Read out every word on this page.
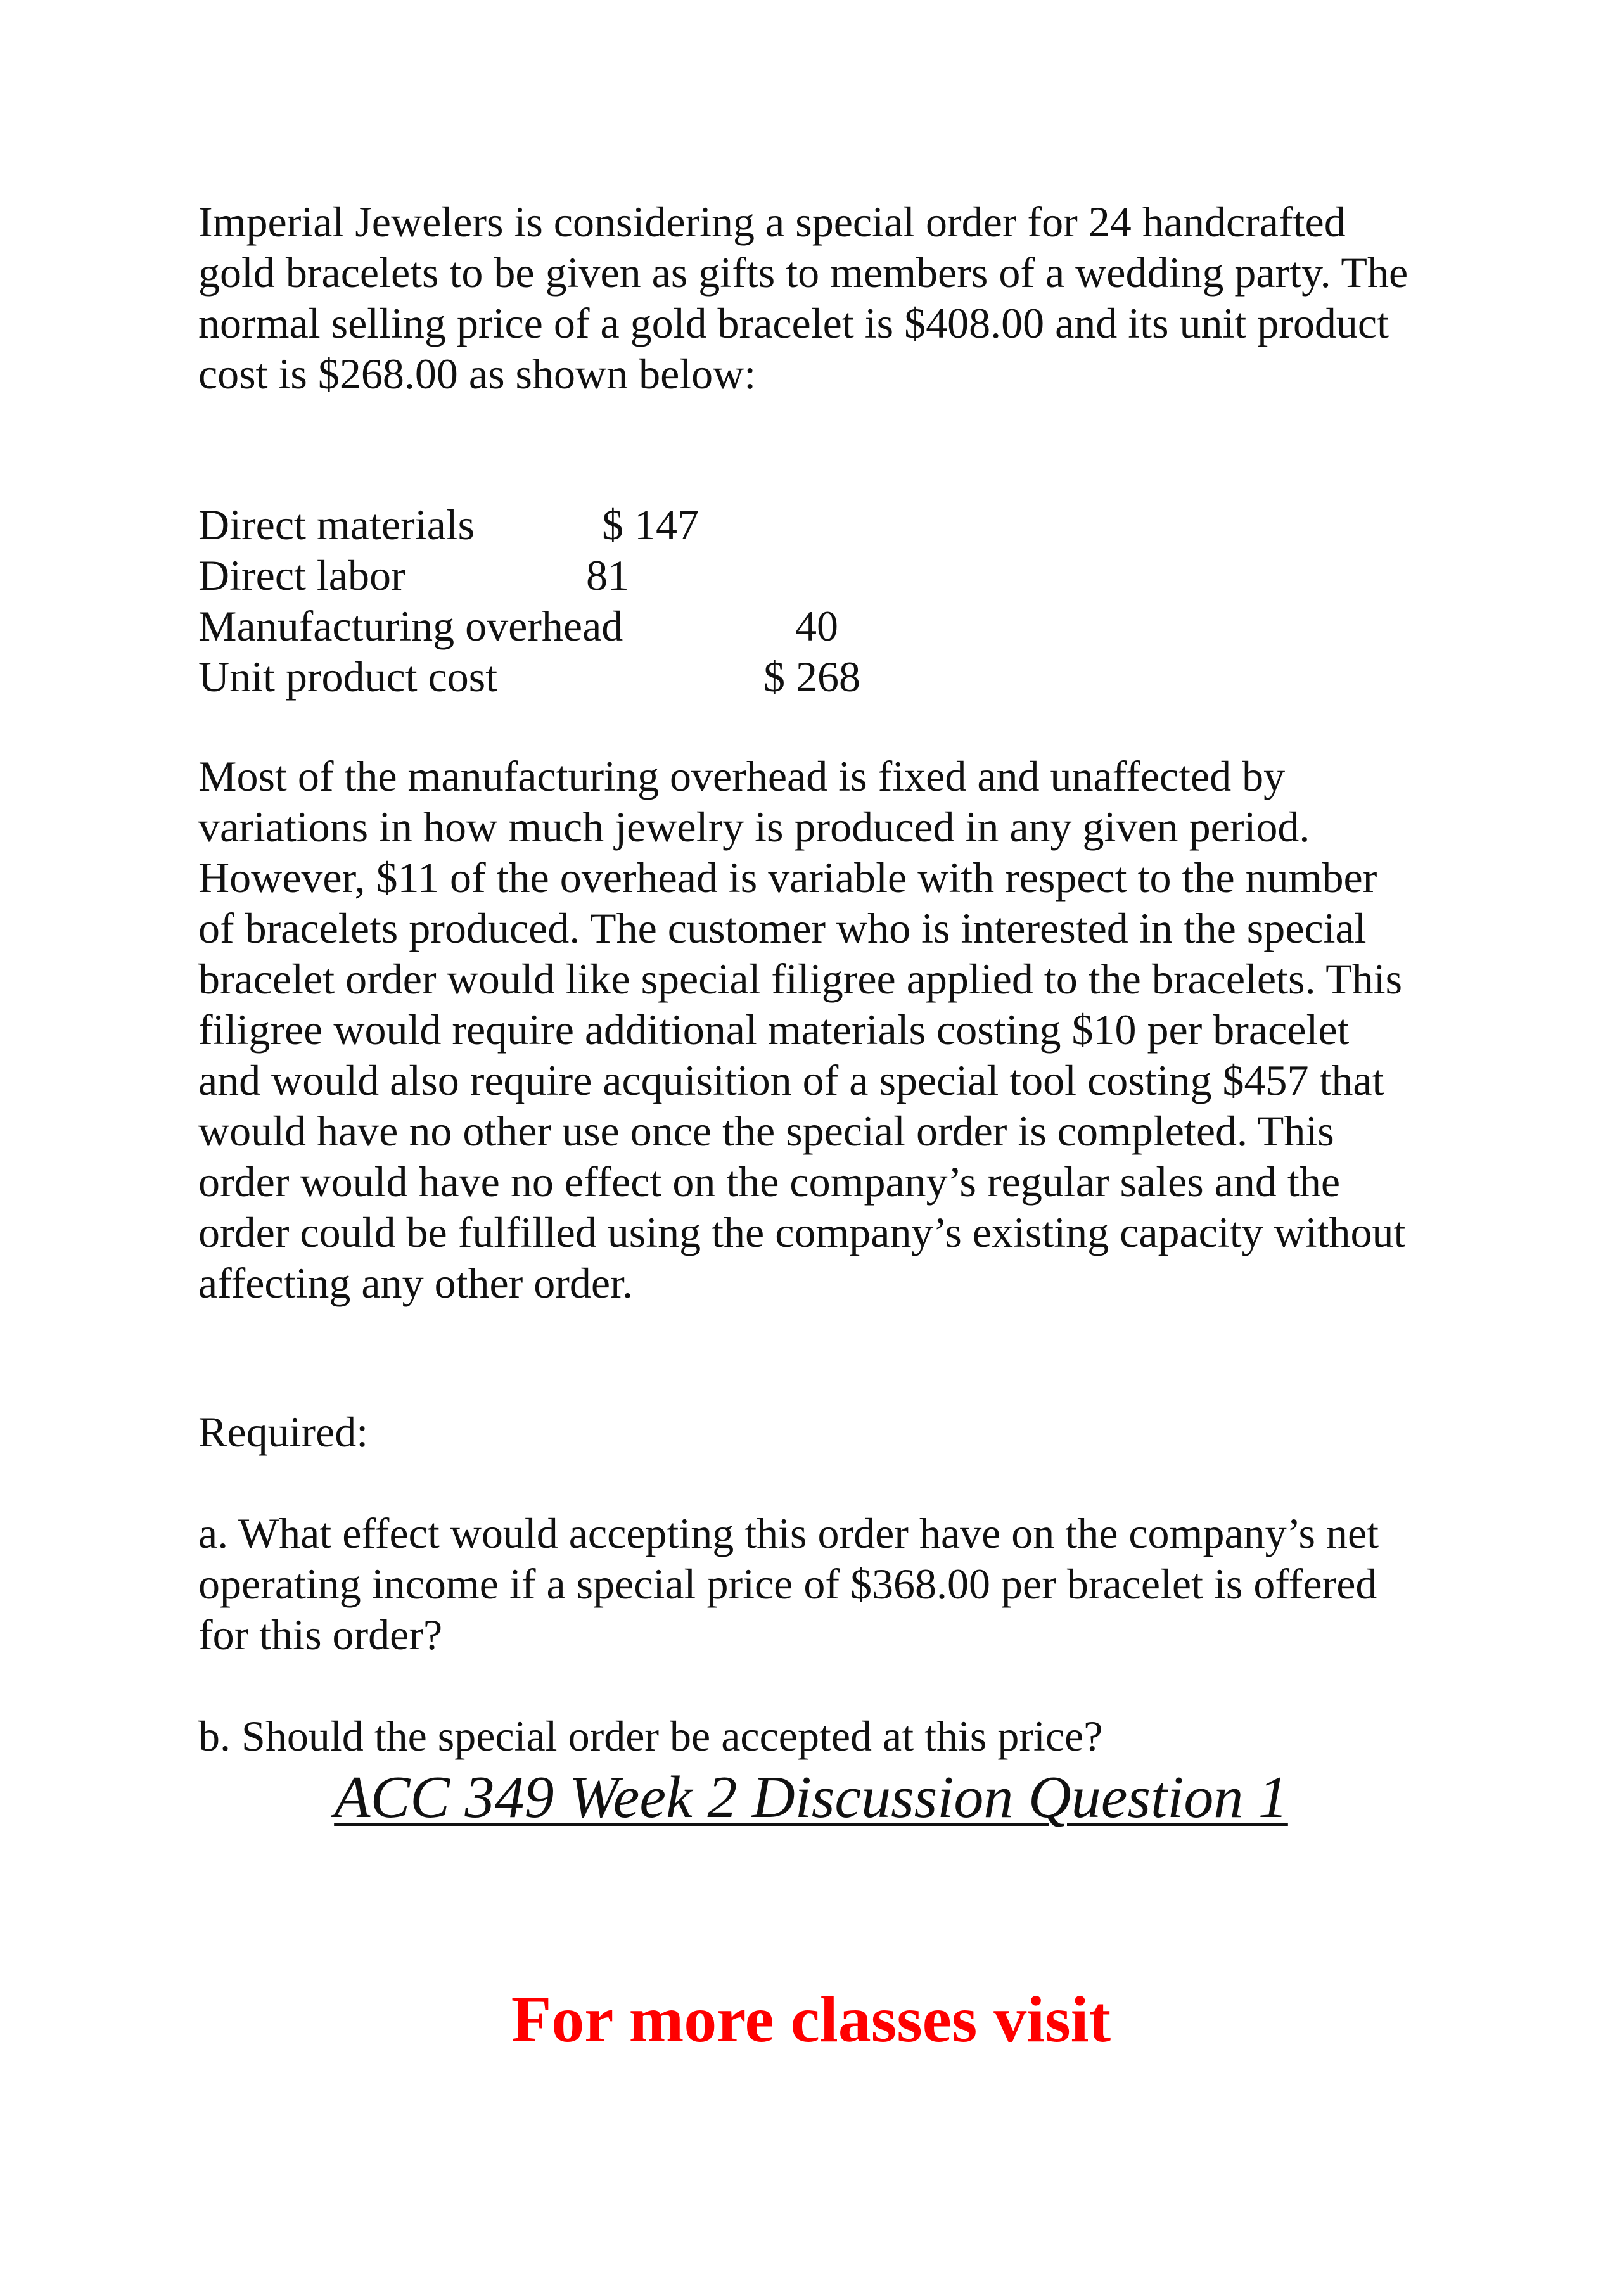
Imperial Jewelers is considering a special order for 24 handcrafted
gold bracelets to be given as gifts to members of a wedding party. The
normal selling price of a gold bracelet is $408.00 and its unit product
cost is $268.00 as shown below:
Direct materials	$ 147
Direct labor	81
Manufacturing overhead	40
Unit product cost	$ 268
Most of the manufacturing overhead is fixed and unaffected by
variations in how much jewelry is produced in any given period.
However, $11 of the overhead is variable with respect to the number
of bracelets produced. The customer who is interested in the special
bracelet order would like special filigree applied to the bracelets. This
filigree would require additional materials costing $10 per bracelet
and would also require acquisition of a special tool costing $457 that
would have no other use once the special order is completed. This
order would have no effect on the company’s regular sales and the
order could be fulfilled using the company’s existing capacity without
affecting any other order.
Required:
a. What effect would accepting this order have on the company’s net
operating income if a special price of $368.00 per bracelet is offered
for this order?
b. Should the special order be accepted at this price?
ACC 349 Week 2 Discussion Question 1
For more classes visit
